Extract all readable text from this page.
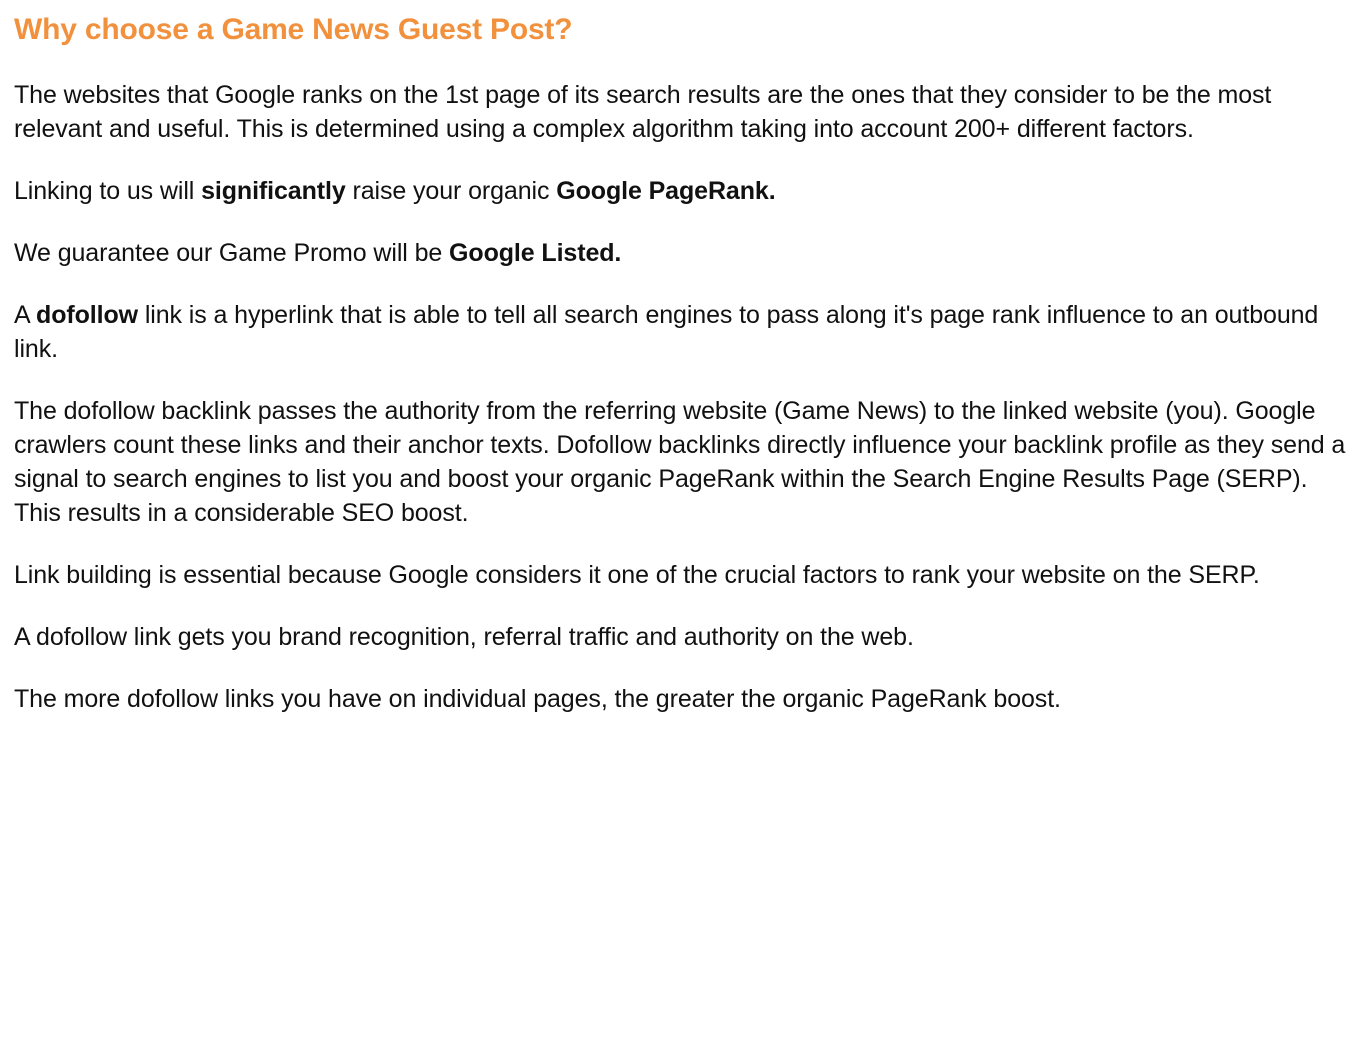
Why choose a Game News Guest Post?

The websites that Google ranks on the 1st page of its search results are the ones that they consider to be the most relevant and useful. This is determined using a complex algorithm taking into account 200+ different factors.

Linking to us will significantly raise your organic Google PageRank.

We guarantee our Game Promo will be Google Listed.

A dofollow link is a hyperlink that is able to tell all search engines to pass along it's page rank influence to an outbound link.

The dofollow backlink passes the authority from the referring website (Game News) to the linked website (you). Google crawlers count these links and their anchor texts. Dofollow backlinks directly influence your backlink profile as they send a signal to search engines to list you and boost your organic PageRank within the Search Engine Results Page (SERP). This results in a considerable SEO boost.

Link building is essential because Google considers it one of the crucial factors to rank your website on the SERP.

A dofollow link gets you brand recognition, referral traffic and authority on the web.

The more dofollow links you have on individual pages, the greater the organic PageRank boost.
